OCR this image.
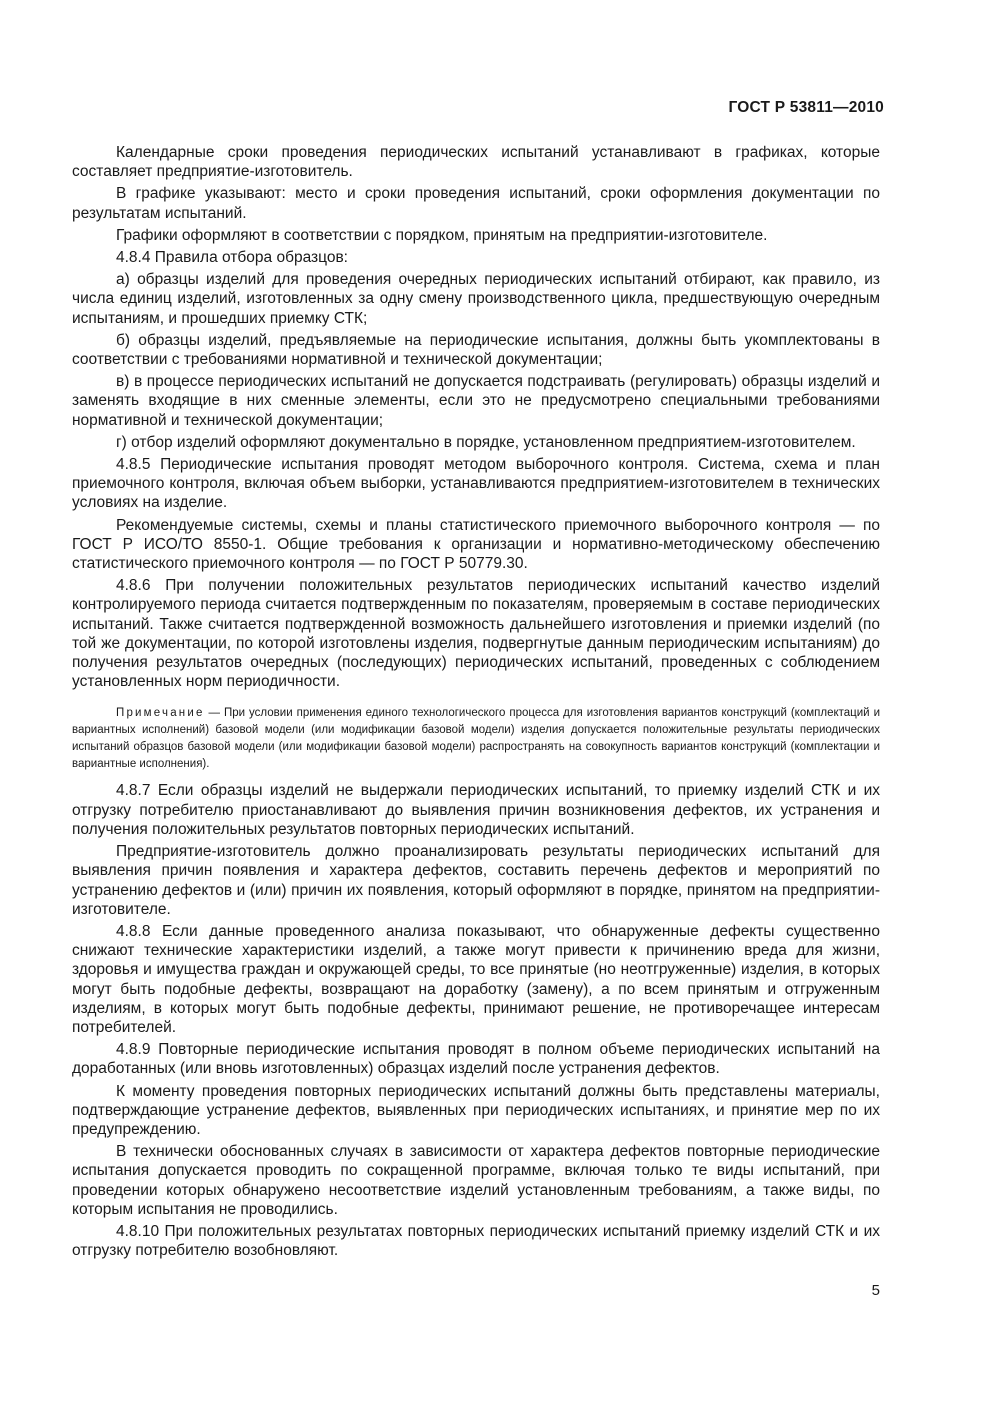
ГОСТ Р 53811—2010

Календарные сроки проведения периодических испытаний устанавливают в графиках, которые составляет предприятие-изготовитель.

В графике указывают: место и сроки проведения испытаний, сроки оформления документации по результатам испытаний.

Графики оформляют в соответствии с порядком, принятым на предприятии-изготовителе.

4.8.4 Правила отбора образцов:

а) образцы изделий для проведения очередных периодических испытаний отбирают, как правило, из числа единиц изделий, изготовленных за одну смену производственного цикла, предшествующую очередным испытаниям, и прошедших приемку СТК;

б) образцы изделий, предъявляемые на периодические испытания, должны быть укомплектованы в соответствии с требованиями нормативной и технической документации;

в) в процессе периодических испытаний не допускается подстраивать (регулировать) образцы изделий и заменять входящие в них сменные элементы, если это не предусмотрено специальными требованиями нормативной и технической документации;

г) отбор изделий оформляют документально в порядке, установленном предприятием-изготовителем.

4.8.5 Периодические испытания проводят методом выборочного контроля. Система, схема и план приемочного контроля, включая объем выборки, устанавливаются предприятием-изготовителем в технических условиях на изделие.

Рекомендуемые системы, схемы и планы статистического приемочного выборочного контроля — по ГОСТ Р ИСО/ТО 8550-1. Общие требования к организации и нормативно-методическому обеспечению статистического приемочного контроля — по ГОСТ Р 50779.30.

4.8.6 При получении положительных результатов периодических испытаний качество изделий контролируемого периода считается подтвержденным по показателям, проверяемым в составе периодических испытаний. Также считается подтвержденной возможность дальнейшего изготовления и приемки изделий (по той же документации, по которой изготовлены изделия, подвергнутые данным периодическим испытаниям) до получения результатов очередных (последующих) периодических испытаний, проведенных с соблюдением установленных норм периодичности.

Примечание — При условии применения единого технологического процесса для изготовления вариантов конструкций (комплектаций и вариантных исполнений) базовой модели (или модификации базовой модели) изделия допускается положительные результаты периодических испытаний образцов базовой модели (или модификации базовой модели) распространять на совокупность вариантов конструкций (комплектации и вариантные исполнения).

4.8.7 Если образцы изделий не выдержали периодических испытаний, то приемку изделий СТК и их отгрузку потребителю приостанавливают до выявления причин возникновения дефектов, их устранения и получения положительных результатов повторных периодических испытаний.

Предприятие-изготовитель должно проанализировать результаты периодических испытаний для выявления причин появления и характера дефектов, составить перечень дефектов и мероприятий по устранению дефектов и (или) причин их появления, который оформляют в порядке, принятом на предприятии-изготовителе.

4.8.8 Если данные проведенного анализа показывают, что обнаруженные дефекты существенно снижают технические характеристики изделий, а также могут привести к причинению вреда для жизни, здоровья и имущества граждан и окружающей среды, то все принятые (но неотгруженные) изделия, в которых могут быть подобные дефекты, возвращают на доработку (замену), а по всем принятым и отгруженным изделиям, в которых могут быть подобные дефекты, принимают решение, не противоречащее интересам потребителей.

4.8.9 Повторные периодические испытания проводят в полном объеме периодических испытаний на доработанных (или вновь изготовленных) образцах изделий после устранения дефектов.

К моменту проведения повторных периодических испытаний должны быть представлены материалы, подтверждающие устранение дефектов, выявленных при периодических испытаниях, и принятие мер по их предупреждению.

В технически обоснованных случаях в зависимости от характера дефектов повторные периодические испытания допускается проводить по сокращенной программе, включая только те виды испытаний, при проведении которых обнаружено несоответствие изделий установленным требованиям, а также виды, по которым испытания не проводились.

4.8.10 При положительных результатах повторных периодических испытаний приемку изделий СТК и их отгрузку потребителю возобновляют.

5
